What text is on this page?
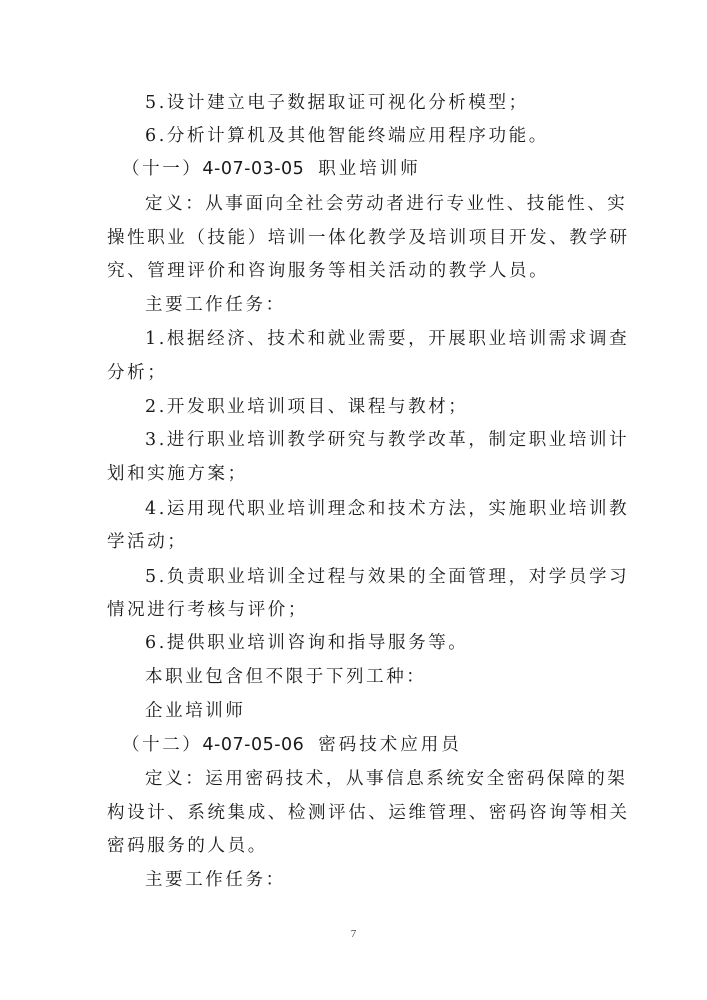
5.设计建立电子数据取证可视化分析模型；
6.分析计算机及其他智能终端应用程序功能。
（十一）4-07-03-05 职业培训师
定义：从事面向全社会劳动者进行专业性、技能性、实
操性职业（技能）培训一体化教学及培训项目开发、教学研
究、管理评价和咨询服务等相关活动的教学人员。
主要工作任务：
1.根据经济、技术和就业需要，开展职业培训需求调查
分析；
2.开发职业培训项目、课程与教材；
3.进行职业培训教学研究与教学改革，制定职业培训计
划和实施方案；
4.运用现代职业培训理念和技术方法，实施职业培训教
学活动；
5.负责职业培训全过程与效果的全面管理，对学员学习
情况进行考核与评价；
6.提供职业培训咨询和指导服务等。
本职业包含但不限于下列工种：
企业培训师
（十二）4-07-05-06 密码技术应用员
定义：运用密码技术，从事信息系统安全密码保障的架
构设计、系统集成、检测评估、运维管理、密码咨询等相关
密码服务的人员。
主要工作任务：
7
